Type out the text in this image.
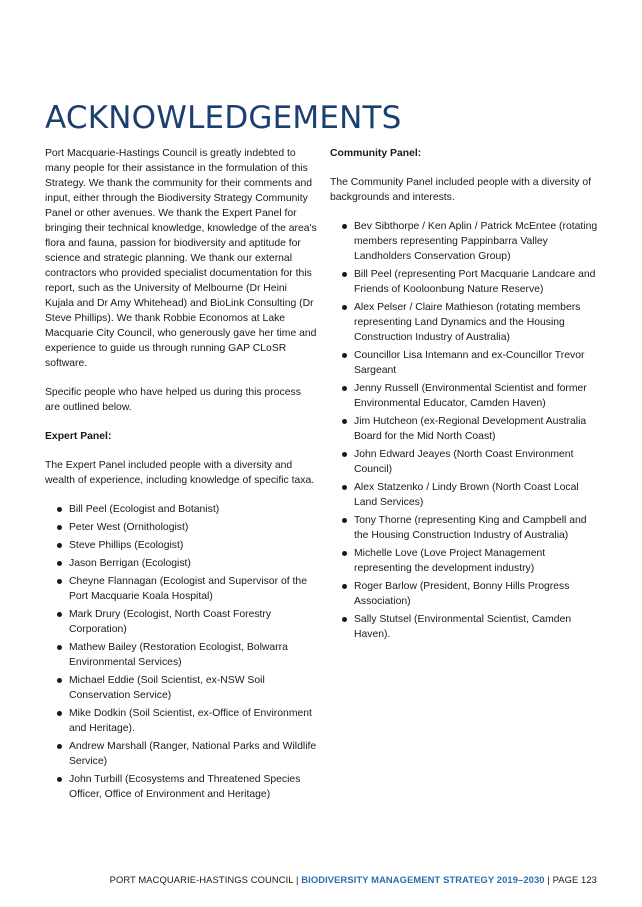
ACKNOWLEDGEMENTS

Port Macquarie-Hastings Council is greatly indebted to many people for their assistance in the formulation of this Strategy. We thank the community for their comments and input, either through the Biodiversity Strategy Community Panel or other avenues. We thank the Expert Panel for bringing their technical knowledge, knowledge of the area's flora and fauna, passion for biodiversity and aptitude for science and strategic planning. We thank our external contractors who provided specialist documentation for this report, such as the University of Melbourne (Dr Heini Kujala and Dr Amy Whitehead) and BioLink Consulting (Dr Steve Phillips). We thank Robbie Economos at Lake Macquarie City Council, who generously gave her time and experience to guide us through running GAP CLoSR software.

Specific people who have helped us during this process are outlined below.

Expert Panel:

The Expert Panel included people with a diversity and wealth of experience, including knowledge of specific taxa.

Bill Peel (Ecologist and Botanist)
Peter West (Ornithologist)
Steve Phillips (Ecologist)
Jason Berrigan (Ecologist)
Cheyne Flannagan (Ecologist and Supervisor of the Port Macquarie Koala Hospital)
Mark Drury (Ecologist, North Coast Forestry Corporation)
Mathew Bailey (Restoration Ecologist, Bolwarra Environmental Services)
Michael Eddie (Soil Scientist, ex-NSW Soil Conservation Service)
Mike Dodkin (Soil Scientist, ex-Office of Environment and Heritage).
Andrew Marshall (Ranger, National Parks and Wildlife Service)
John Turbill (Ecosystems and Threatened Species Officer, Office of Environment and Heritage)
Community Panel:

The Community Panel included people with a diversity of backgrounds and interests.

Bev Sibthorpe / Ken Aplin / Patrick McEntee (rotating members representing Pappinbarra Valley Landholders Conservation Group)
Bill Peel (representing Port Macquarie Landcare and Friends of Kooloonbung Nature Reserve)
Alex Pelser / Claire Mathieson (rotating members representing Land Dynamics and the Housing Construction Industry of Australia)
Councillor Lisa Intemann and ex-Councillor Trevor Sargeant
Jenny Russell (Environmental Scientist and former Environmental Educator, Camden Haven)
Jim Hutcheon (ex-Regional Development Australia Board for the Mid North Coast)
John Edward Jeayes (North Coast Environment Council)
Alex Statzenko / Lindy Brown (North Coast Local Land Services)
Tony Thorne (representing King and Campbell and the Housing Construction Industry of Australia)
Michelle Love (Love Project Management representing the development industry)
Roger Barlow (President, Bonny Hills Progress Association)
Sally Stutsel (Environmental Scientist, Camden Haven).
PORT MACQUARIE-HASTINGS COUNCIL | BIODIVERSITY MANAGEMENT STRATEGY 2019–2030 | PAGE 123
